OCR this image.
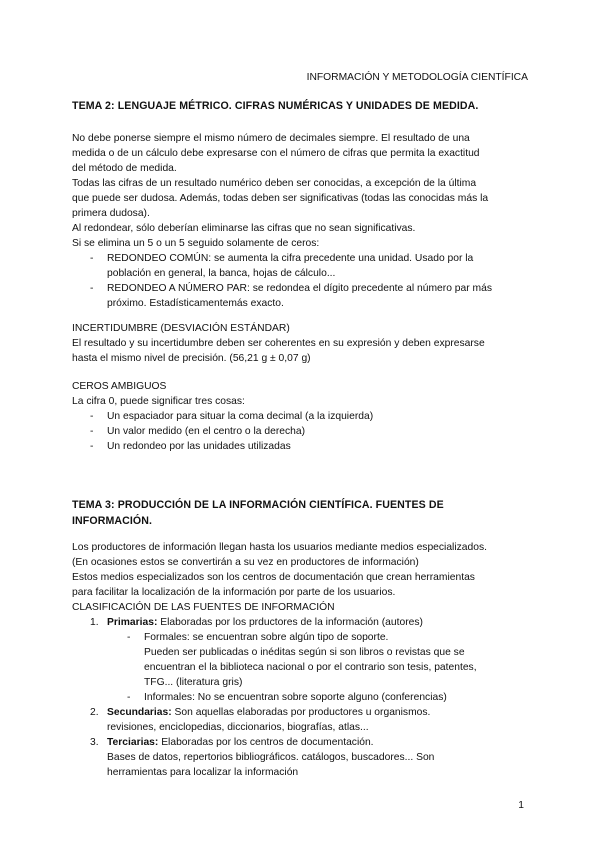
INFORMACIÓN Y METODOLOGÍA CIENTÍFICA
TEMA 2: LENGUAJE MÉTRICO. CIFRAS NUMÉRICAS Y UNIDADES DE MEDIDA.
No debe ponerse siempre el mismo número de decimales siempre. El resultado de una
medida o de un cálculo debe expresarse con el número de cifras que permita la exactitud
del método de medida.
Todas las cifras de un resultado numérico deben ser conocidas, a excepción de la última
que puede ser dudosa. Además, todas deben ser significativas (todas las conocidas más la
primera dudosa).
Al redondear, sólo deberían eliminarse las cifras que no sean significativas.
Si se elimina un 5 o un 5 seguido solamente de ceros:
- REDONDEO COMÚN: se aumenta la cifra precedente una unidad. Usado por la
población en general, la banca, hojas de cálculo...
- REDONDEO A NÚMERO PAR: se redondea el dígito precedente al número par más
próximo. Estadísticamentemás exacto.
INCERTIDUMBRE (DESVIACIÓN ESTÁNDAR)
El resultado y su incertidumbre deben ser coherentes en su expresión y deben expresarse
hasta el mismo nivel de precisión. (56,21 g ± 0,07 g)
CEROS AMBIGUOS
La cifra 0, puede significar tres cosas:
- Un espaciador para situar la coma decimal (a la izquierda)
- Un valor medido (en el centro o la derecha)
- Un redondeo por las unidades utilizadas
TEMA 3: PRODUCCIÓN DE LA INFORMACIÓN CIENTÍFICA. FUENTES DE
INFORMACIÓN.
Los productores de información llegan hasta los usuarios mediante medios especializados.
(En ocasiones estos se convertirán a su vez en productores de información)
Estos medios especializados son los centros de documentación que crean herramientas
para facilitar la localización de la información por parte de los usuarios.
CLASIFICACIÓN DE LAS FUENTES DE INFORMACIÓN
1. Primarias: Elaboradas por los prductores de la información (autores)
- Formales: se encuentran sobre algún tipo de soporte.
Pueden ser publicadas o inéditas según si son libros o revistas que se
encuentran el la biblioteca nacional o por el contrario son tesis, patentes,
TFG... (literatura gris)
- Informales: No se encuentran sobre soporte alguno (conferencias)
2. Secundarias: Son aquellas elaboradas por productores u organismos.
revisiones, enciclopedias, diccionarios, biografías, atlas...
3. Terciarias: Elaboradas por los centros de documentación.
Bases de datos, repertorios bibliográficos. catálogos, buscadores... Son
herramientas para localizar la información
1
